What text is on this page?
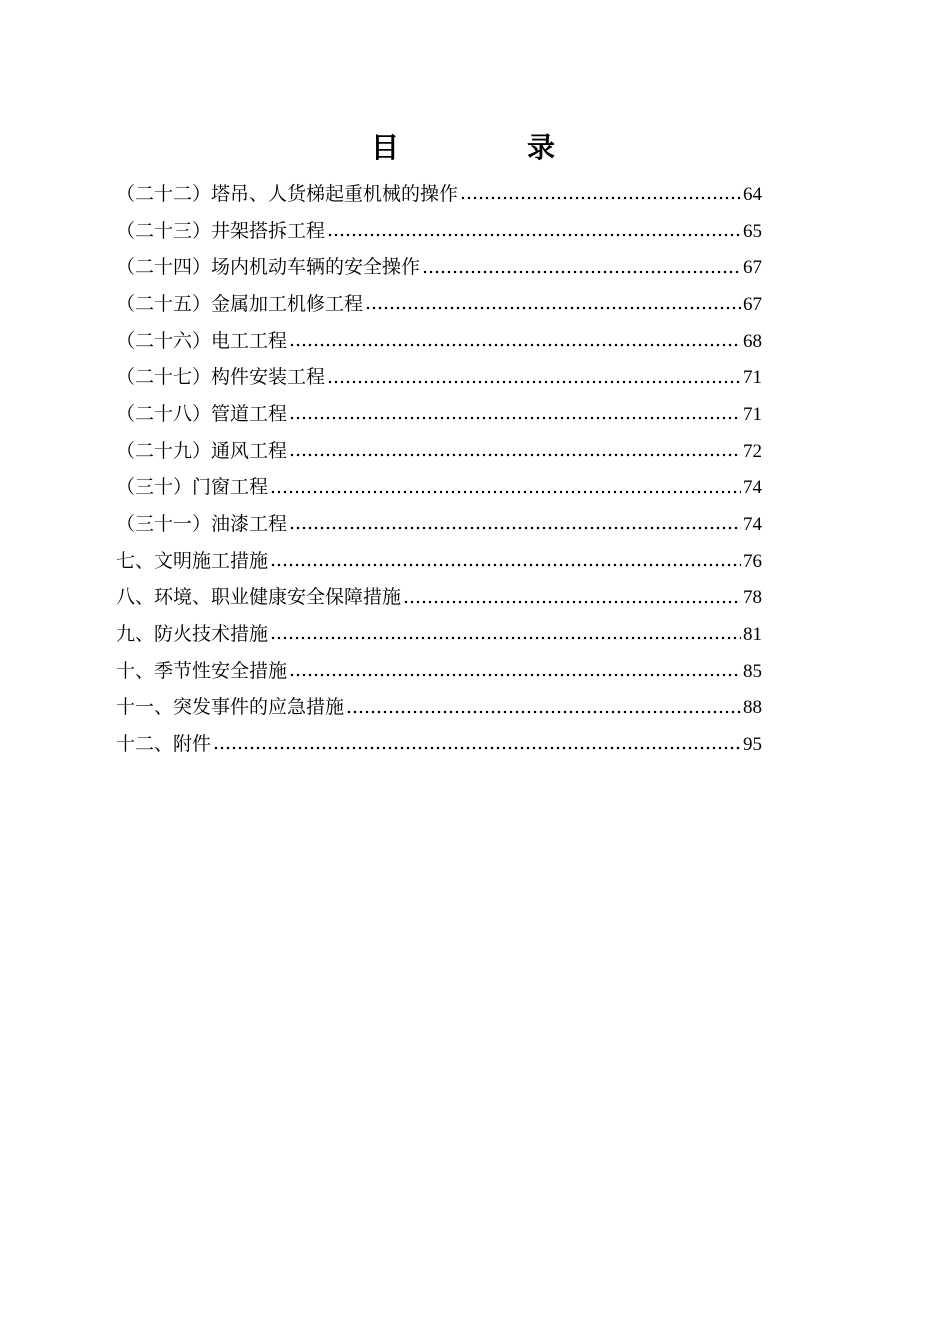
目　录
（二十二）塔吊、人货梯起重机械的操作	64
（二十三）井架搭拆工程	65
（二十四）场内机动车辆的安全操作	67
（二十五）金属加工机修工程	67
（二十六）电工工程	68
（二十七）构件安装工程	71
（二十八）管道工程	71
（二十九）通风工程	72
（三十）门窗工程	74
（三十一）油漆工程	74
七、文明施工措施	76
八、环境、职业健康安全保障措施	78
九、防火技术措施	81
十、季节性安全措施	85
十一、突发事件的应急措施	88
十二、附件	95
